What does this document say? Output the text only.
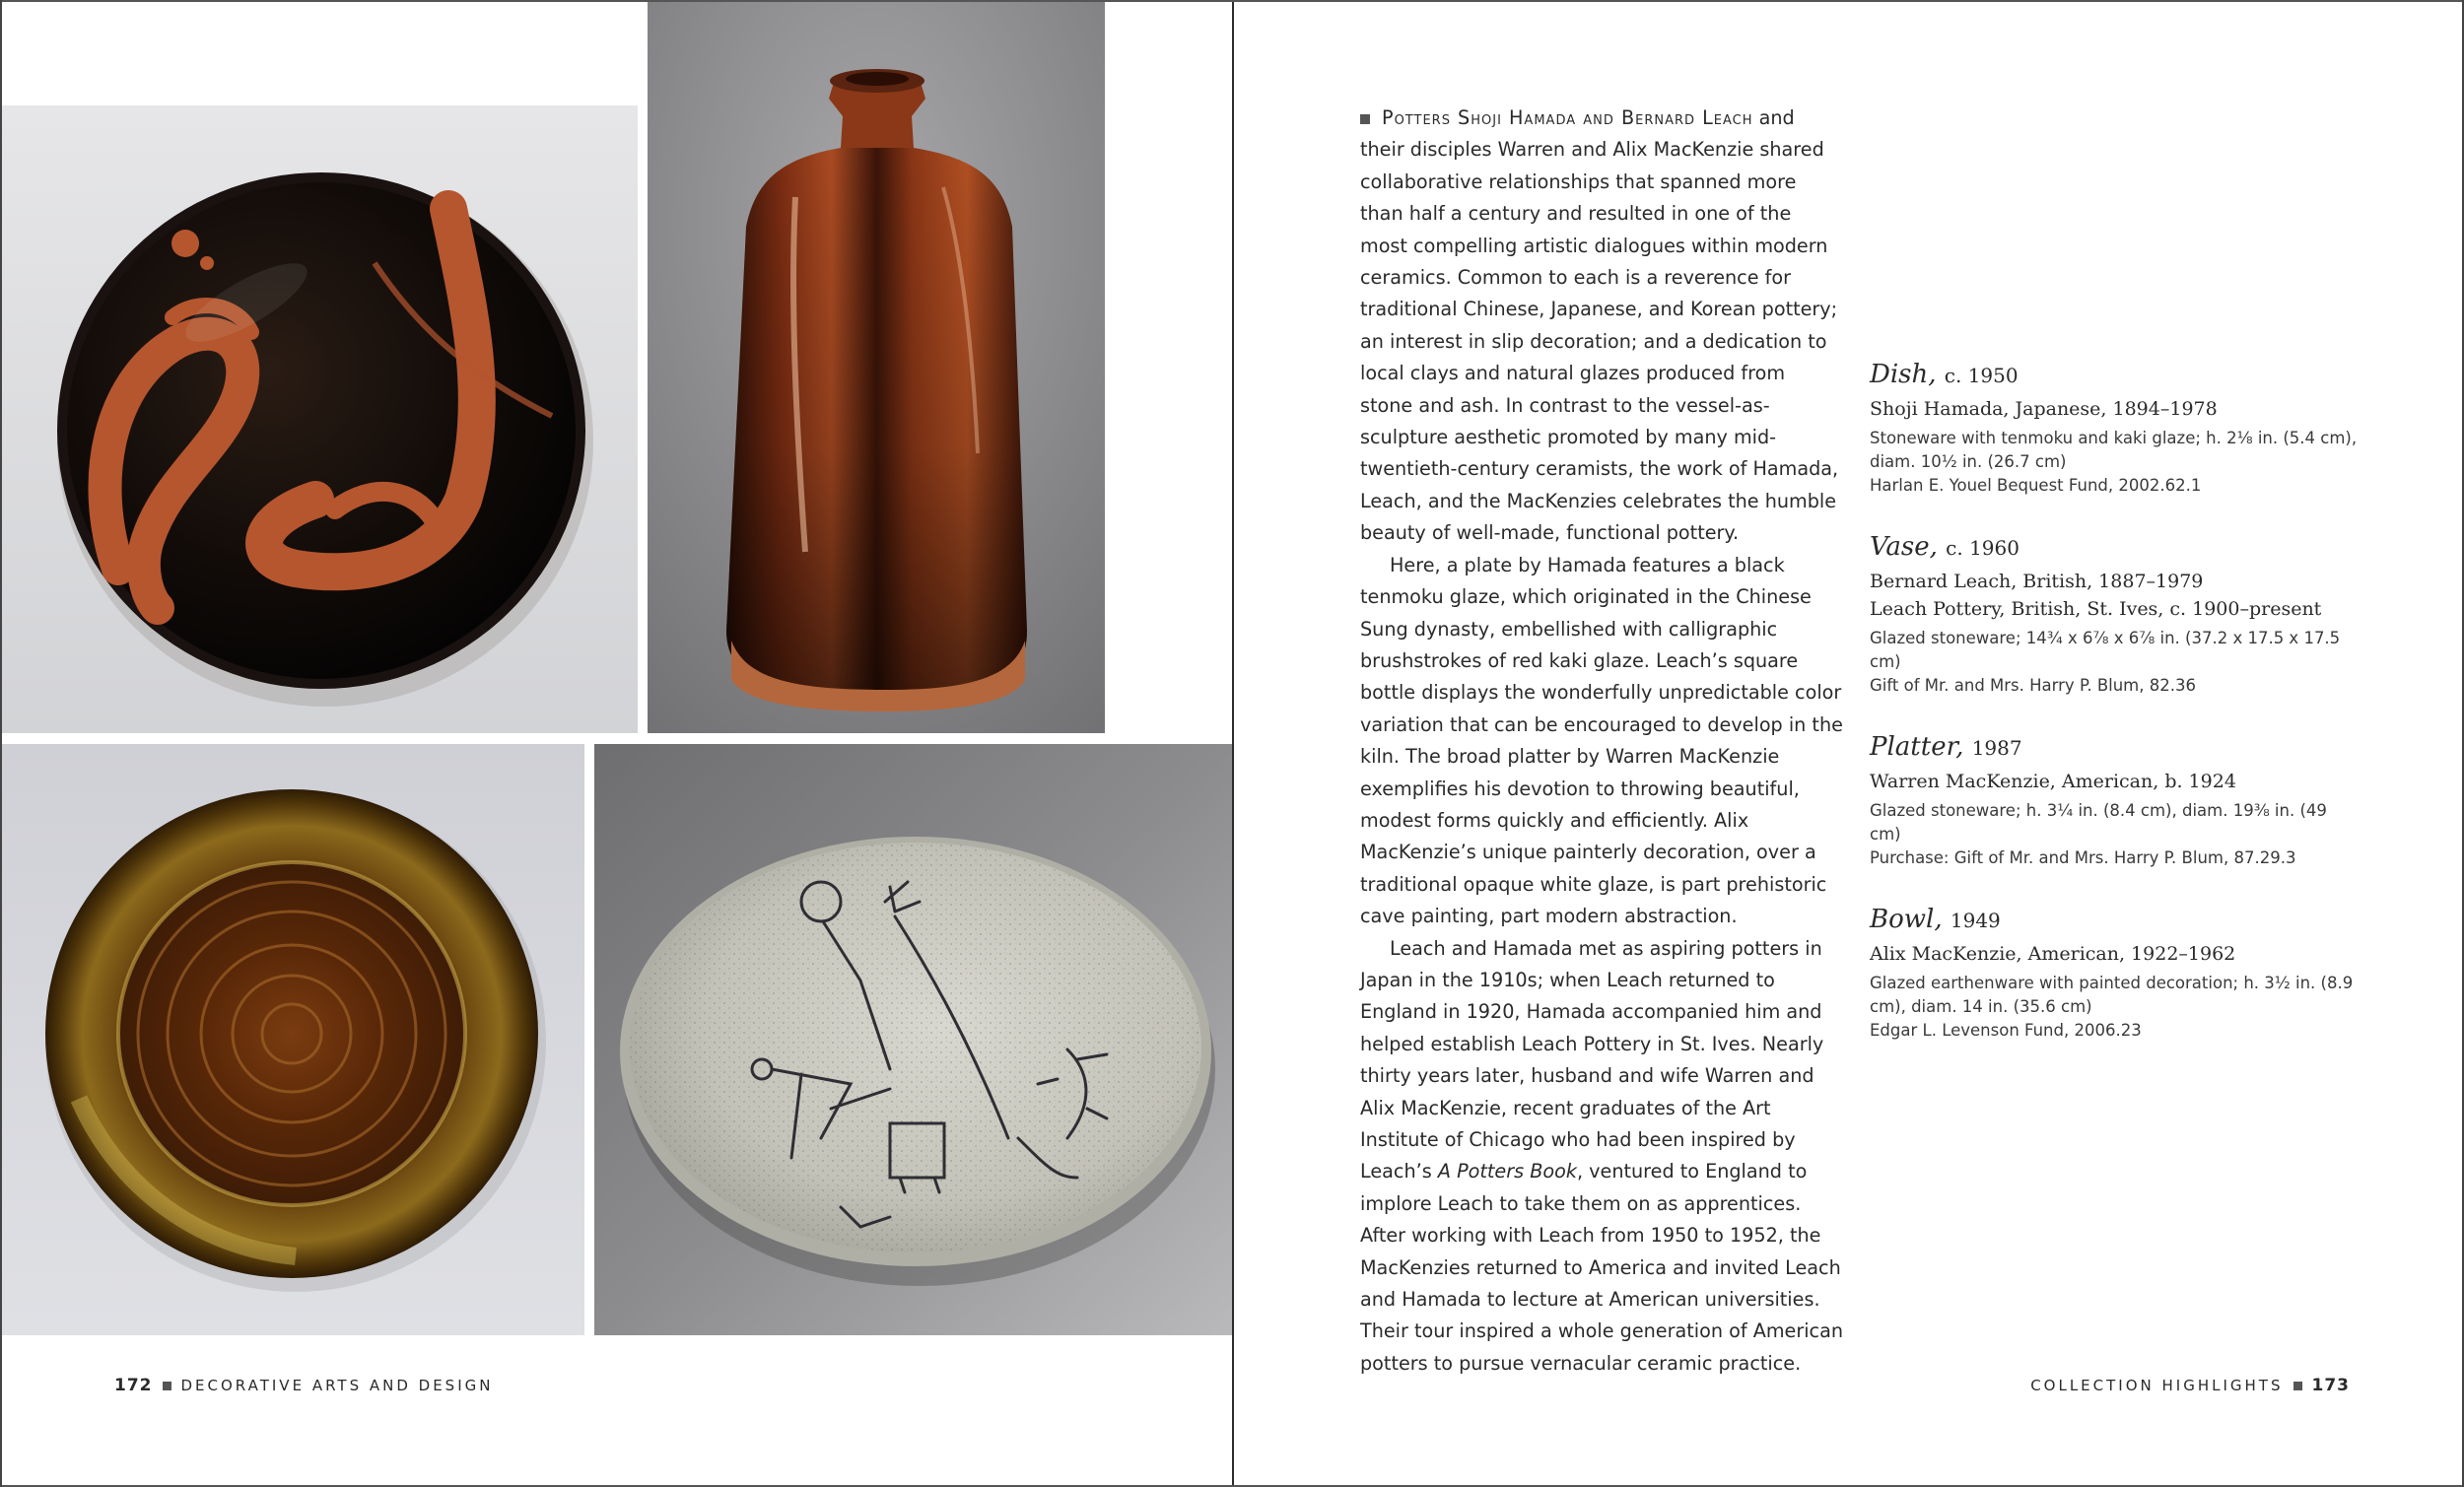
172 DECORATIVE ARTS AND DESIGN

Potters Shoji Hamada and Bernard Leach and their disciples Warren and Alix MacKenzie shared collaborative relationships that spanned more than half a century and resulted in one of the most compelling artistic dialogues within modern ceramics. Common to each is a reverence for traditional Chinese, Japanese, and Korean pottery; an interest in slip decoration; and a dedication to local clays and natural glazes produced from stone and ash. In contrast to the vessel-as-sculpture aesthetic promoted by many mid-twentieth-century ceramists, the work of Hamada, Leach, and the MacKenzies celebrates the humble beauty of well-made, functional pottery.

Here, a plate by Hamada features a black tenmoku glaze, which originated in the Chinese Sung dynasty, embellished with calligraphic brushstrokes of red kaki glaze. Leach’s square bottle displays the wonderfully unpredictable color variation that can be encouraged to develop in the kiln. The broad platter by Warren MacKenzie exemplifies his devotion to throwing beautiful, modest forms quickly and efficiently. Alix MacKenzie’s unique painterly decoration, over a traditional opaque white glaze, is part prehistoric cave painting, part modern abstraction.

Leach and Hamada met as aspiring potters in Japan in the 1910s; when Leach returned to England in 1920, Hamada accompanied him and helped establish Leach Pottery in St. Ives. Nearly thirty years later, husband and wife Warren and Alix MacKenzie, recent graduates of the Art Institute of Chicago who had been inspired by Leach’s A Potters Book, ventured to England to implore Leach to take them on as apprentices. After working with Leach from 1950 to 1952, the MacKenzies returned to America and invited Leach and Hamada to lecture at American universities. Their tour inspired a whole generation of American potters to pursue vernacular ceramic practice.

Dish, c. 1950
Shoji Hamada, Japanese, 1894–1978
Stoneware with tenmoku and kaki glaze; h. 2⅛ in. (5.4 cm), diam. 10½ in. (26.7 cm)
Harlan E. Youel Bequest Fund, 2002.62.1
Vase, c. 1960
Bernard Leach, British, 1887–1979
Leach Pottery, British, St. Ives, c. 1900–present
Glazed stoneware; 14¾ x 6⅞ x 6⅞ in. (37.2 x 17.5 x 17.5 cm)
Gift of Mr. and Mrs. Harry P. Blum, 82.36
Platter, 1987
Warren MacKenzie, American, b. 1924
Glazed stoneware; h. 3¼ in. (8.4 cm), diam. 19⅜ in. (49 cm)
Purchase: Gift of Mr. and Mrs. Harry P. Blum, 87.29.3
Bowl, 1949
Alix MacKenzie, American, 1922–1962
Glazed earthenware with painted decoration; h. 3½ in. (8.9 cm), diam. 14 in. (35.6 cm)
Edgar L. Levenson Fund, 2006.23
COLLECTION HIGHLIGHTS 173
